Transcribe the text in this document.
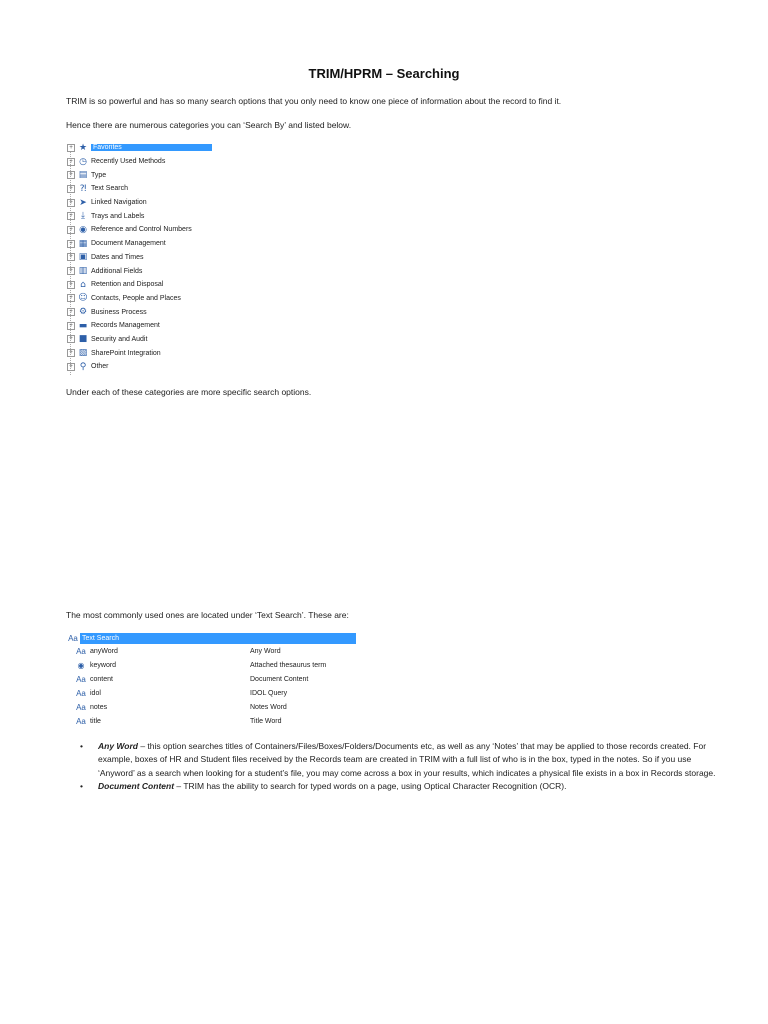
TRIM/HPRM – Searching
TRIM is so powerful and has so many search options that you only need to know one piece of information about the record to find it.
Hence there are numerous categories you can ‘Search By’ and listed below.
+ ★ Favorites
+ ◷ Recently Used Methods
+ ▤ Type
+ ⁈ Text Search
+ ➤ Linked Navigation
+ ⤓ Trays and Labels
+ ◉ Reference and Control Numbers
+ ▦ Document Management
+ ▣ Dates and Times
+ ▥ Additional Fields
+ ⌂ Retention and Disposal
+ ☺ Contacts, People and Places
+ ⚙ Business Process
+ ▬ Records Management
+ ■ Security and Audit
+ ▧ SharePoint Integration
+ ⚲ Other
Under each of these categories are more specific search options.
The most commonly used ones are located under ‘Text Search’. These are:
Aa Text Search
Aa anyWord	Any Word
◉ keyword	Attached thesaurus term
Aa content	Document Content
Aa idol	IDOL Query
Aa notes	Notes Word
Aa title	Title Word
• Any Word – this option searches titles of Containers/Files/Boxes/Folders/Documents etc, as well as any ‘Notes’ that may be applied to those records created. For example, boxes of HR and Student files received by the Records team are created in TRIM with a full list of who is in the box, typed in the notes. So if you use ‘Anyword’ as a search when looking for a student’s file, you may come across a box in your results, which indicates a physical file exists in a box in Records storage.
• Document Content – TRIM has the ability to search for typed words on a page, using Optical Character Recognition (OCR).
